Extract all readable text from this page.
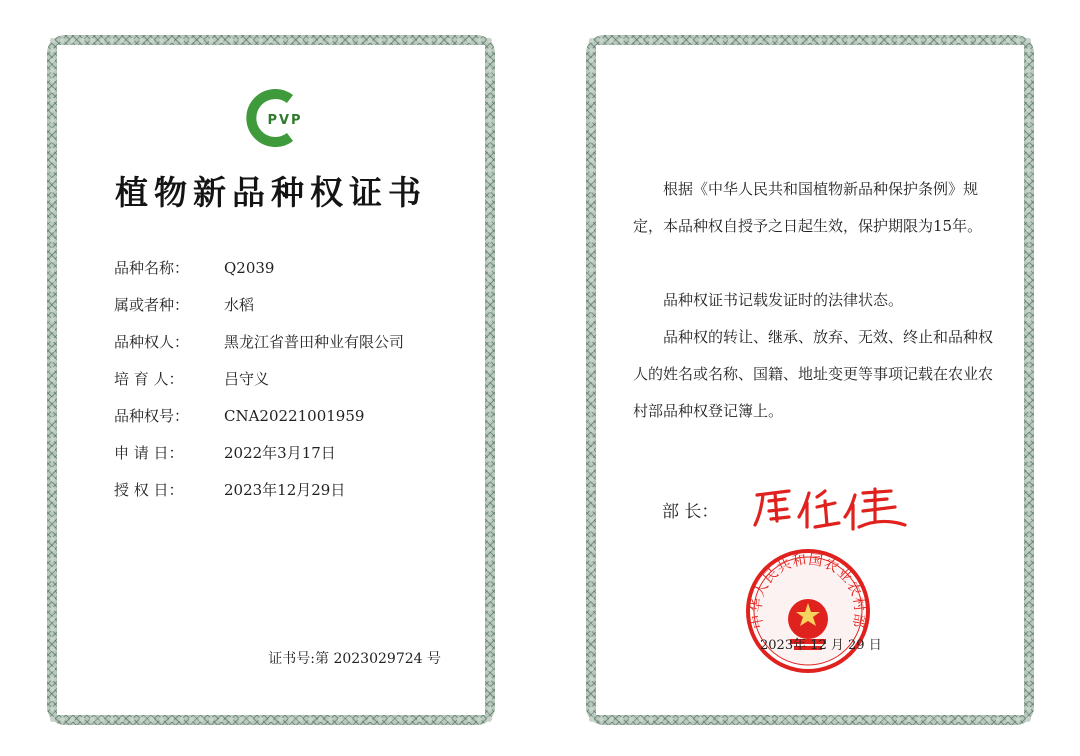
PVP
植物新品种权证书
品种名称： Q2039
属或者种： 水稻
品种权人： 黑龙江省普田种业有限公司
培 育 人：	吕守义
品种权号： CNA20221001959
申 请 日：	2022年3月17日
授 权 日：	2023年12月29日
证书号:第 2023029724 号
根据《中华人民共和国植物新品种保护条例》规定，本品种权自授予之日起生效，保护期限为15年。
品种权证书记载发证时的法律状态。
品种权的转让、继承、放弃、无效、终止和品种权人的姓名或名称、国籍、地址变更等事项记载在农业农村部品种权登记簿上。
部 长：
中华人民共和国农业农村部
2023年 12 月 29 日
